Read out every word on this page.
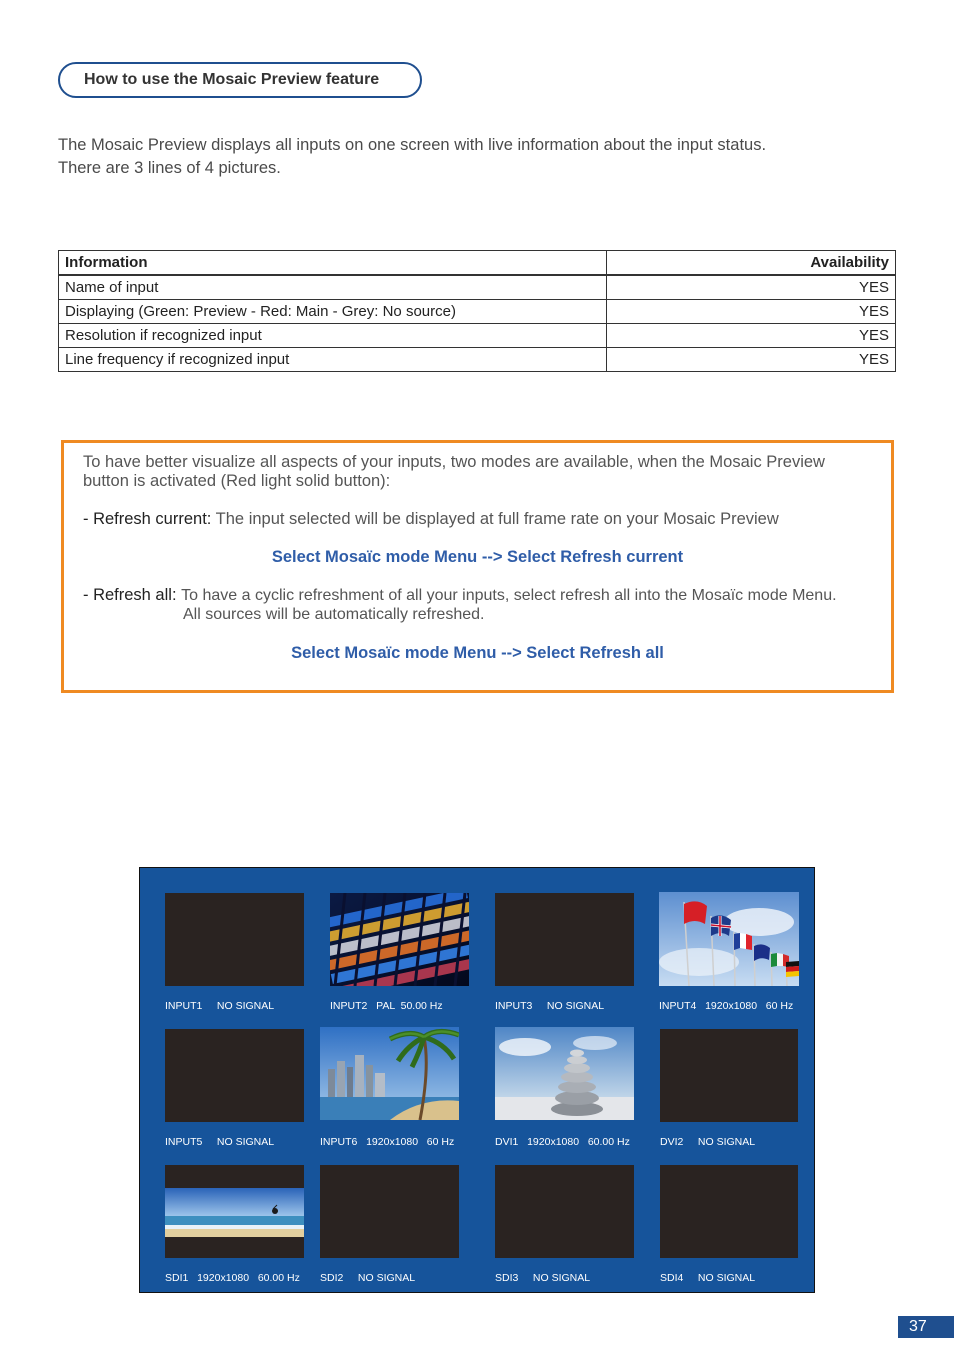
How to use the Mosaic Preview feature
The Mosaic Preview displays all inputs on one screen with live information about the input status.
There are 3 lines of 4 pictures.
Information	Availability
Name of input	YES
Displaying (Green: Preview - Red: Main - Grey: No source)	YES
Resolution if recognized input	YES
Line frequency if recognized input	YES
To have better visualize all aspects of your inputs, two modes are available, when the Mosaic Preview
button is activated (Red light solid button):
- Refresh current: The input selected will be displayed at full frame rate on your Mosaic Preview
Select Mosaïc mode Menu --> Select Refresh current
- Refresh all: To have a cyclic refreshment of all your inputs, select refresh all into the Mosaïc mode Menu.
All sources will be automatically refreshed.
Select Mosaïc mode Menu --> Select Refresh all
INPUT1     NO SIGNAL	INPUT2   PAL  50.00 Hz	INPUT3     NO SIGNAL	INPUT4   1920x1080   60 Hz
INPUT5     NO SIGNAL	INPUT6   1920x1080   60 Hz	DVI1   1920x1080   60.00 Hz	DVI2     NO SIGNAL
SDI1   1920x1080   60.00 Hz SDI2     NO SIGNAL	SDI3     NO SIGNAL	SDI4     NO SIGNAL
37
